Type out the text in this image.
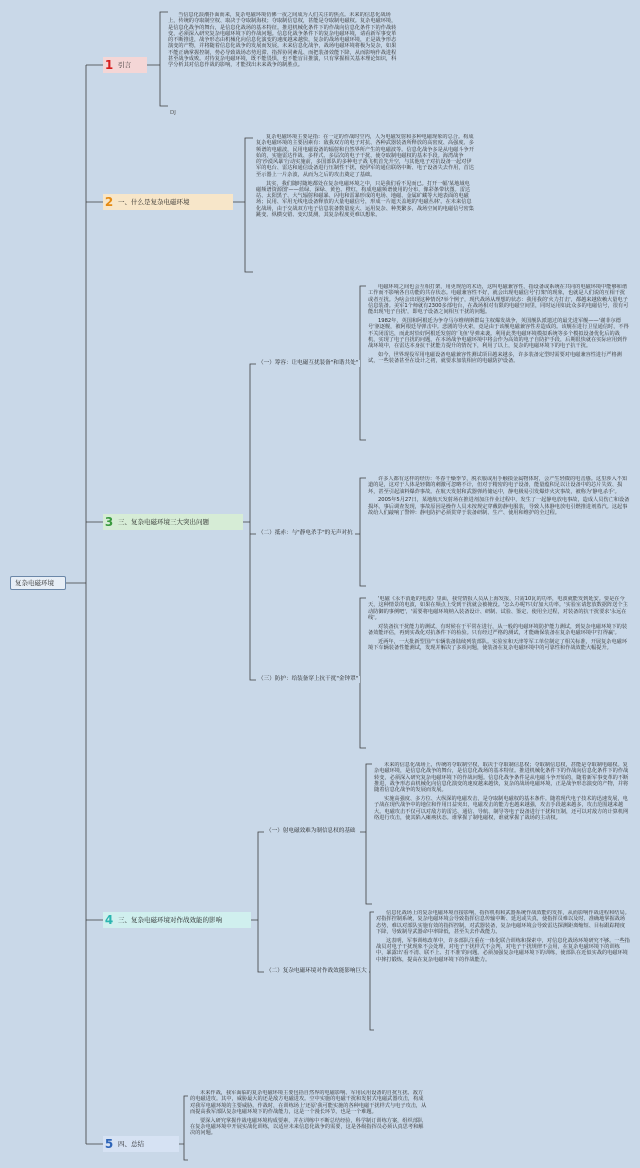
复杂电磁环境
1 引言

当信息化浪潮扑面而来，复杂电磁环境仿佛一夜之间成为人们关注的焦点。未来的信息化战场上，传统的夺取制空权、取决于夺取制海权；夺取制信息权，甚能是夺取制电磁权。复杂电磁环境，是信息化战争的舞台，是信息化战场的基本特征。推进机械化条件下的作战向信息化条件下的作战转变，必须深入研究复杂电磁环境下的作战问题。信息化战争条件下的复杂电磁环境，请看新军事变革的不断推进，战争形态由机械化向信息化演变的速度越来越快，复杂的战场电磁环境，正是战争形态演变的产物，并将随着信息化战争的发展而发展。未来信息化战争，战场电磁环境将极为复杂，如果不能正确掌握控制，势必导致战场态势迟滞、指挥协同紊乱、而把装备效能下降，从而影响作战进程甚至战争成败。对待复杂电磁环境，既不能畏惧，也不能盲目推演，只有掌握相关基本理论知识，科学分析其对信息作战的影响，才能找出未来战争的制胜点。

DJ
2 一、什么是复杂电磁环境

复杂电磁环境主要是指：在一定的作战时空内，人为电磁发射和多种电磁现象的总合。构成复杂电磁环境的主要因素有：敌我双方的电子对抗、各种武器装备所释放的高密度、高强度、多频谱的电磁波，民用电磁设备的辐射和自然界所产生的电磁波等。信息化战争多是从电磁斗争开始的，实施雷达作战、多样式、多层次的电子干扰、使夺取制电磁权的基本手段。海湾战争的'沙漠风暴'行动实施前，多国部队的多种电子战飞机首先升空，与其他电子对抗设备一起对伊军的电台、雷达和通信设备进行压制性干扰，使伊军的通信联络中断、电子设备失去作用，首达至示器上一片杂波，从而为之后的攻击奠定了基础。

其实，我们随时随地都处在复杂电磁环境之中，只是我们看不见而已。打开一幅'某地域电磁频谱资源图'——蓝绿、深绿、黄色、橙红，构成电磁频谱使用的分布，像彩条带状图。雷达站、太阳黑子、大气辐射和磁暴、闪电和雷暴形成的电场、地磁、金属矿藏等大地表面的电磁场；民用、军用无线电设备释放的大量电磁信号，形成一片遮天盖地的'电磁丛林'。在未来信息化战场，由于交战双方电子信息装备数量庞大、运用复杂、种类繁多，战场空间的电磁信号密集跳变、纵横交错、变幻莫测，其复杂程度更难以想象。

3 三、复杂电磁环境三大突出问题
（一）筹容：让电磁互扰装备"和谐共处"
（二）抵赤：与"静电杀手"的无声对抗
（三）防护：给装备穿上抗干扰"金钟罩"

电磁环境之间也会互相打架，用更规范的术语，这叫电磁兼容性，指设备或系统在共同的电磁环境中能够和谐工作而不影响各自功能的共存状态。电磁兼容性不好，就会出现电磁信号'打架'的现象，也就是人们说的互相干扰或者互扰。为啥会出现这种情况?举个例子，现代战场从理想的状态：我用我的'火力打击'，都越来越依赖大量电子信息装备。美军1个师就有2300多部电台，在战场相对有限的电磁空间里，同时运用如此众多的电磁信号，很有可能出现'电子自扰'，即电子设备之间相互干扰的问题。

1982年，英国和阿根廷为争夺马尔维纳斯群岛主权爆发战争，英国舰队派遣过的最先进军舰——'谢菲尔德号'驱逐舰，被阿根廷导弹击中。悲剧的导火索，竟是由于该舰电磁兼容性差造成的。该舰在进行卫星通信时，不得不关闭雷达，而此时恰好阿根廷发射的'飞鱼'导弹来袭。利用此类电磁环境模拟系统等多个模拟设备优化后的战机，实现了电子自扰的问题，在本场战争电磁环境中将会作为高效的电子自防护手段，后期很快就在实际应用到作战环境中，在雷达本身抗干扰能力提升的情况下，利用了以上，复杂的电磁环境下的电子抗干扰。

如今，世界现役军用电磁设备电磁兼容性测试项目越来越多，许多装备定型时需要对电磁兼容性进行严格测试，一些装备甚至在设计之初，就要求加装相应的电磁防护设备。

许多人都有这样的经历：冬春干燥季节，脱衣服或用手触摸金属物体时，会产生轻微的电击感。这里涉入不知道的是，这对于人体是轻微的刺激可忽略不计，但对于精密的电子设备，能量蕴积足以让设备中的芯片失效、损坏，甚至引起油料爆炸事故。在航天发射和武器弹药储运中，静电极易引发爆炸火灾事故，被称为'静电杀手'。

2005年5月27日，某地航天发射场在推进剂加注作业过程中，发生了一起静电放电事故，造成人员伤亡和设备损坏。事后调查发现，事故原因是操作人员未按规定穿戴防静电服装，导致人体静电放电引燃推进剂蒸汽。这起事故给人们敲响了警钟：静电防护必须贯穿于装备研制、生产、使用和维护的全过程。

'电磁《永不消逝的电波》里面，我党情报人员从上海发报，只需10瓦的功率，电波就能发到延安。要是在今天，这种情景的电波，如果在频点上受到干扰就会被掩没。'怎么办呢?只好加大功率。'实验室请您放数据阵送个主动防御的事例吧'，'需要将电磁环境纳入装备设计、研制、试验、鉴定、使用全过程，对装备的抗干扰要求'永远在线'。

对装备抗干扰能力的测试，有时候在于平常在进行，从一般的电磁环境防护能力测试，到复杂电磁环境下的装备效能评估，再到实战化对抗条件下的检验。只有经过严格的测试，才能确保装备在复杂电磁环境中'打得赢'。

近两年，一大批新型国产车辆装备陆续列装部队。实验室和天津等军工单位制定了相关标准，开展复杂电磁环境下车辆装备性能测试，发现并解决了多项问题，使装备在复杂电磁环境中的可靠性和作战效能大幅提升。

4 三、复杂电磁环境对作战效能的影响
（一）射电磁效难为制信息权的基础
（二）复杂电磁环境对作战效能影响巨大

未来的信息化战场上，传统的夺取制空权，取决于夺取制信息权；夺取制信息权，甚能是夺取制电磁权。复杂电磁环境，是信息化战争的舞台，是信息化战场的基本特征。推进机械化条件下的作战向信息化条件下的作战转变，必须深入研究复杂电磁环境下的作战问题。信息化战争条件是从电磁斗争开始的，随着新军事变革的不断推进，战争形态由机械化向信息化演变的速度越来越快，复杂的战场电磁环境，正是战争形态演变的产物，并将随着信息化战争的发展而发展。

实施高强度、多方位、大纵深的电磁攻击，是夺取制电磁权的基本条件。随着现代电子技术的迅速发展，电子战在现代战争中的地位和作用日益突出，电磁攻击的能力也越来越强，攻击手段越来越多，攻击范围越来越大。电磁攻击不仅可以对敌方的雷达、通信、导航、制导等电子设备进行干扰和压制，还可以对敌方的计算机网络进行攻击，使其陷入瘫痪状态。谁掌握了制电磁权，谁就掌握了战场的主动权。

信息化战场上的复杂电磁环境直接影响，指挥机构和武器系统作战效能的发挥，从而影响作战进程和结局。对指挥控制系统，复杂电磁环境会导致指挥信息传输中断、延迟或失真，使指挥员难以及时、准确地掌握战场态势，难以对部队实施有效的指挥控制。对武器装备，复杂电磁环境会导致雷达探测距离缩短、目标跟踪精度下降，导致制导武器命中率降低，甚至失去作战能力。

这表明，军事训练改革中，许多部队注重在一体化联合训练和探索中，对信息化战场环境研究不够。一些指战员对电子干扰现象不会处理，对电子干扰样式不会判、对电子干扰规律不会用，在复杂电磁环境下的训练中，暴露出'看不清、联不上、打不准'的问题。必须加强复杂电磁环境下的训练，使部队在近似实战的电磁环境中摔打锻炼，提高在复杂电磁环境下的作战能力。

5 四、总结

未来作战，我军面临的复杂电磁环境主要包括自然界的电磁影响、军用民用设备的自扰互扰、敌方的电磁进攻。其中，威胁最大的还是敌方电磁进攻。空中实施的电磁干扰和发射式电磁武器攻击，构成对我军电磁环境的主要威胁。作战时，在训练场上'还原'我可能实施的各种电磁干扰样式与电子攻击，从而提高我军部队复杂电磁环境下的作战能力，这是一个漫长环节，也是一个难题。

要深入研究掌握作战电磁环境构成要素，并在训练中不断总结经验，科学制订训练方案，组织部队在复杂电磁环境中开展实战化训练，以适应未来信息化战争的需要，这是各级指挥员必须认真思考和解决的问题。
